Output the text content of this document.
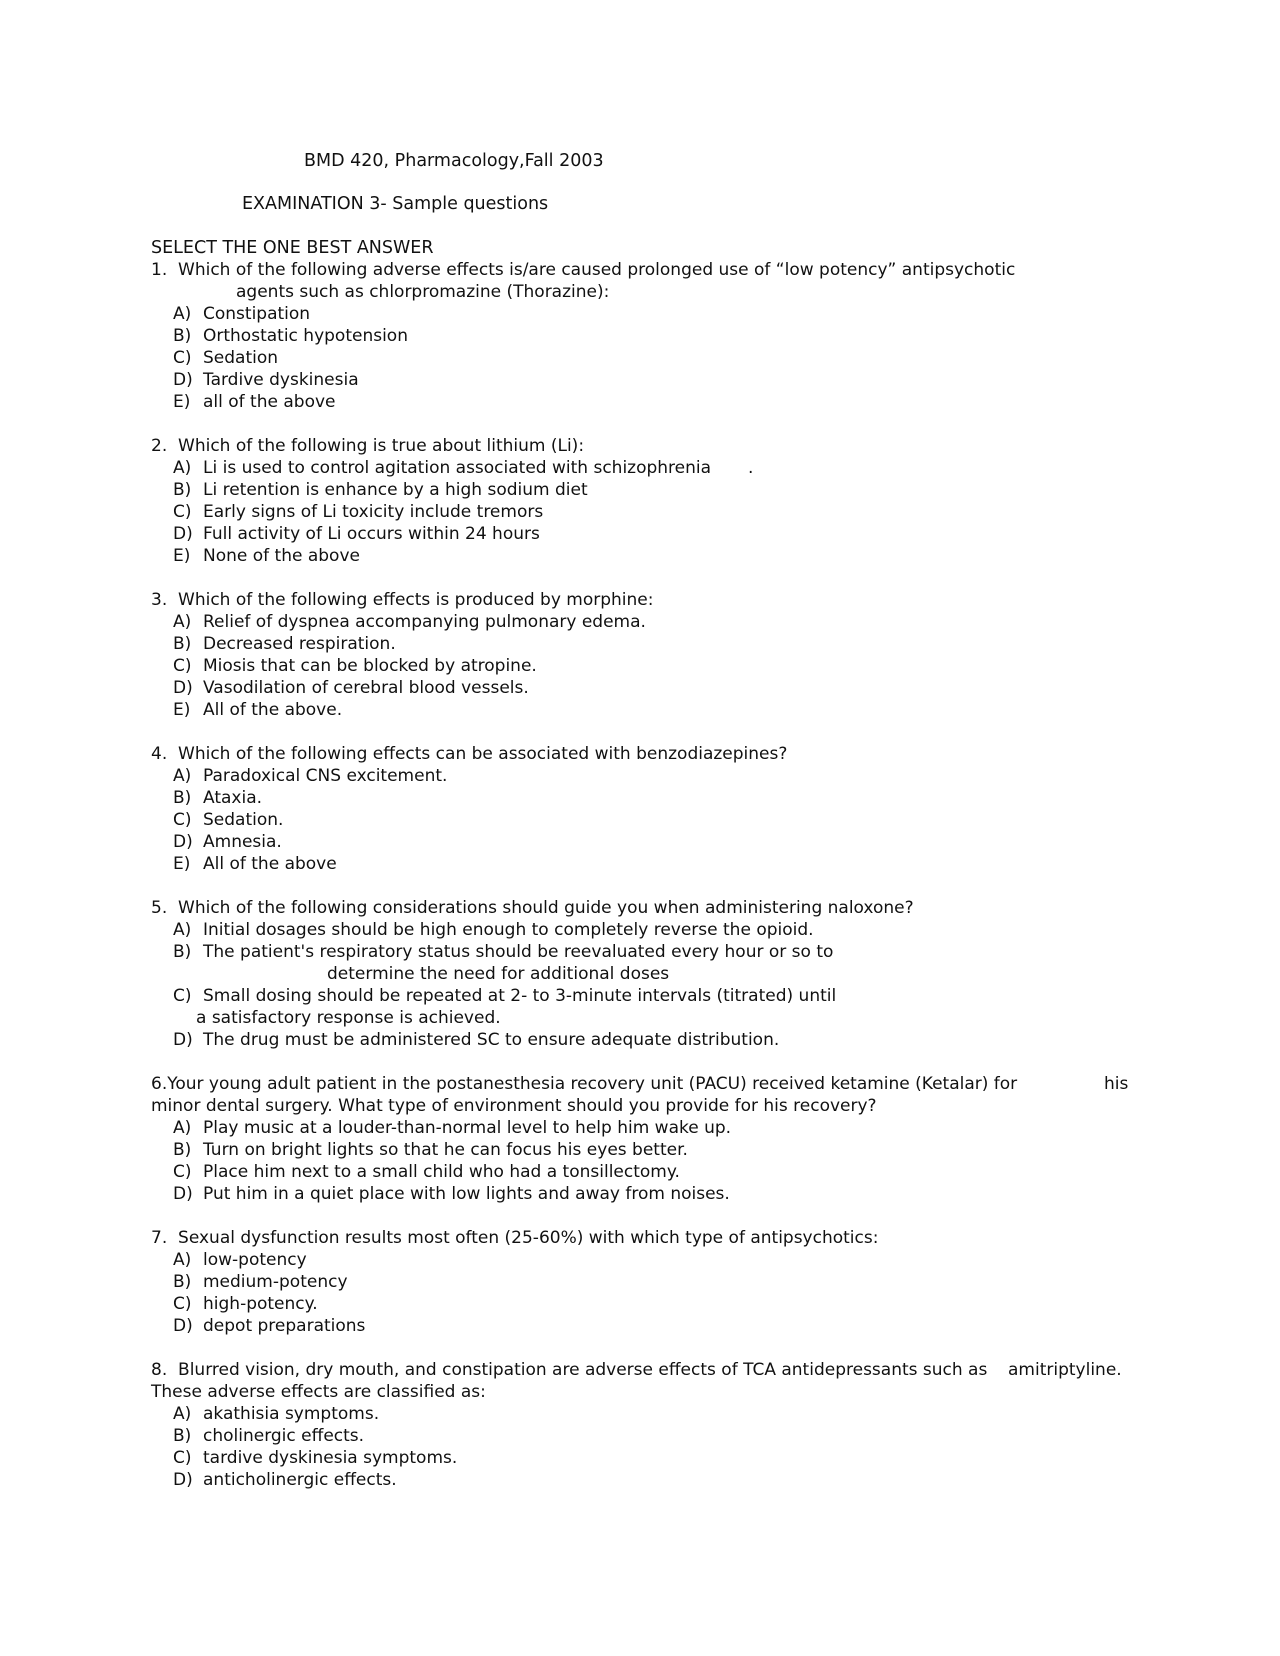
BMD 420, Pharmacology,Fall 2003
EXAMINATION 3- Sample questions
SELECT THE ONE BEST ANSWER
1.  Which of the following adverse effects is/are caused prolonged use of “low potency” antipsychotic
agents such as chlorpromazine (Thorazine):
A) Constipation
B) Orthostatic hypotension
C) Sedation
D) Tardive dyskinesia
E) all of the above
2.  Which of the following is true about lithium (Li):
A) Li is used to control agitation associated with schizophrenia .
B) Li retention is enhance by a high sodium diet
C) Early signs of Li toxicity include tremors
D) Full activity of Li occurs within 24 hours
E) None of the above
3.  Which of the following effects is produced by morphine:
A) Relief of dyspnea accompanying pulmonary edema.
B) Decreased respiration.
C) Miosis that can be blocked by atropine.
D) Vasodilation of cerebral blood vessels.
E) All of the above.
4.  Which of the following effects can be associated with benzodiazepines?
A) Paradoxical CNS excitement.
B) Ataxia.
C) Sedation.
D) Amnesia.
E) All of the above
5.  Which of the following considerations should guide you when administering naloxone?
A) Initial dosages should be high enough to completely reverse the opioid.
B) The patient's respiratory status should be reevaluated every hour or so to
determine the need for additional doses
C) Small dosing should be repeated at 2- to 3-minute intervals (titrated) until
a satisfactory response is achieved.
D) The drug must be administered SC to ensure adequate distribution.
6.Your young adult patient in the postanesthesia recovery unit (PACU) received ketamine (Ketalar) for	his
minor dental surgery. What type of environment should you provide for his recovery?
A) Play music at a louder-than-normal level to help him wake up.
B) Turn on bright lights so that he can focus his eyes better.
C) Place him next to a small child who had a tonsillectomy.
D) Put him in a quiet place with low lights and away from noises.
7.  Sexual dysfunction results most often (25-60%) with which type of antipsychotics:
A) low-potency
B) medium-potency
C) high-potency.
D) depot preparations
8.  Blurred vision, dry mouth, and constipation are adverse effects of TCA antidepressants such as amitriptyline.
These adverse effects are classified as:
A) akathisia symptoms.
B) cholinergic effects.
C) tardive dyskinesia symptoms.
D) anticholinergic effects.
